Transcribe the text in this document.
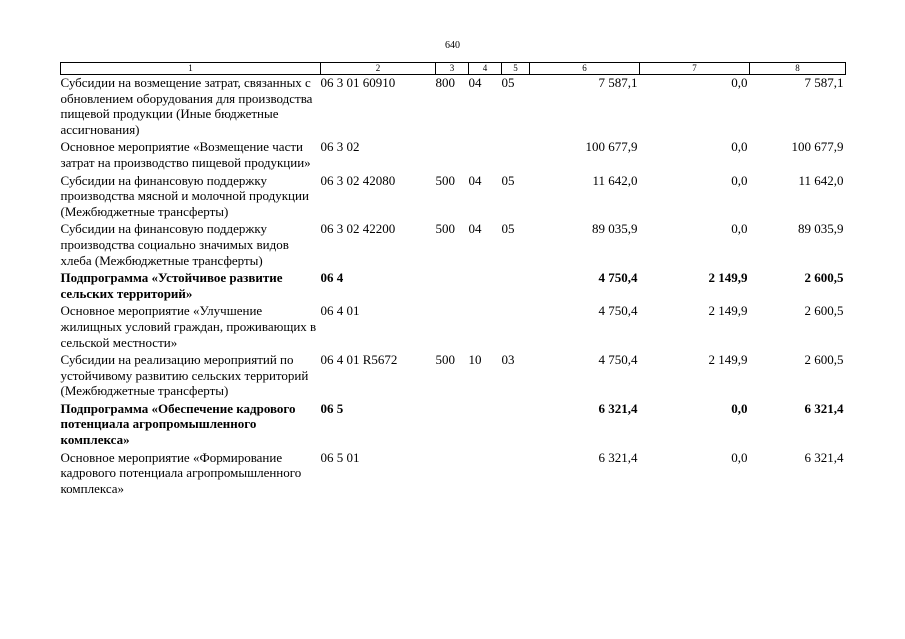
640
1	2	3	4	5	6	7	8
Субсидии на возмещение затрат, связанных с обновлением оборудования для производства пищевой продукции (Иные бюджетные ассигнования)	06 3 01 60910	800	04	05	7 587,1	0,0	7 587,1
Основное мероприятие «Возмещение части затрат на производство пищевой продукции»	06 3 02				100 677,9	0,0	100 677,9
Субсидии на финансовую поддержку производства мясной и молочной продукции (Межбюджетные трансферты)	06 3 02 42080	500	04	05	11 642,0	0,0	11 642,0
Субсидии на финансовую поддержку производства социально значимых видов хлеба (Межбюджетные трансферты)	06 3 02 42200	500	04	05	89 035,9	0,0	89 035,9
Подпрограмма «Устойчивое развитие сельских территорий»	06 4				4 750,4	2 149,9	2 600,5
Основное мероприятие «Улучшение жилищных условий граждан, проживающих в сельской местности»	06 4 01				4 750,4	2 149,9	2 600,5
Субсидии на реализацию мероприятий по устойчивому развитию сельских территорий (Межбюджетные трансферты)	06 4 01 R5672	500	10	03	4 750,4	2 149,9	2 600,5
Подпрограмма «Обеспечение кадрового потенциала агропромышленного комплекса»	06 5				6 321,4	0,0	6 321,4
Основное мероприятие «Формирование кадрового потенциала агропромышленного комплекса»	06 5 01				6 321,4	0,0	6 321,4
